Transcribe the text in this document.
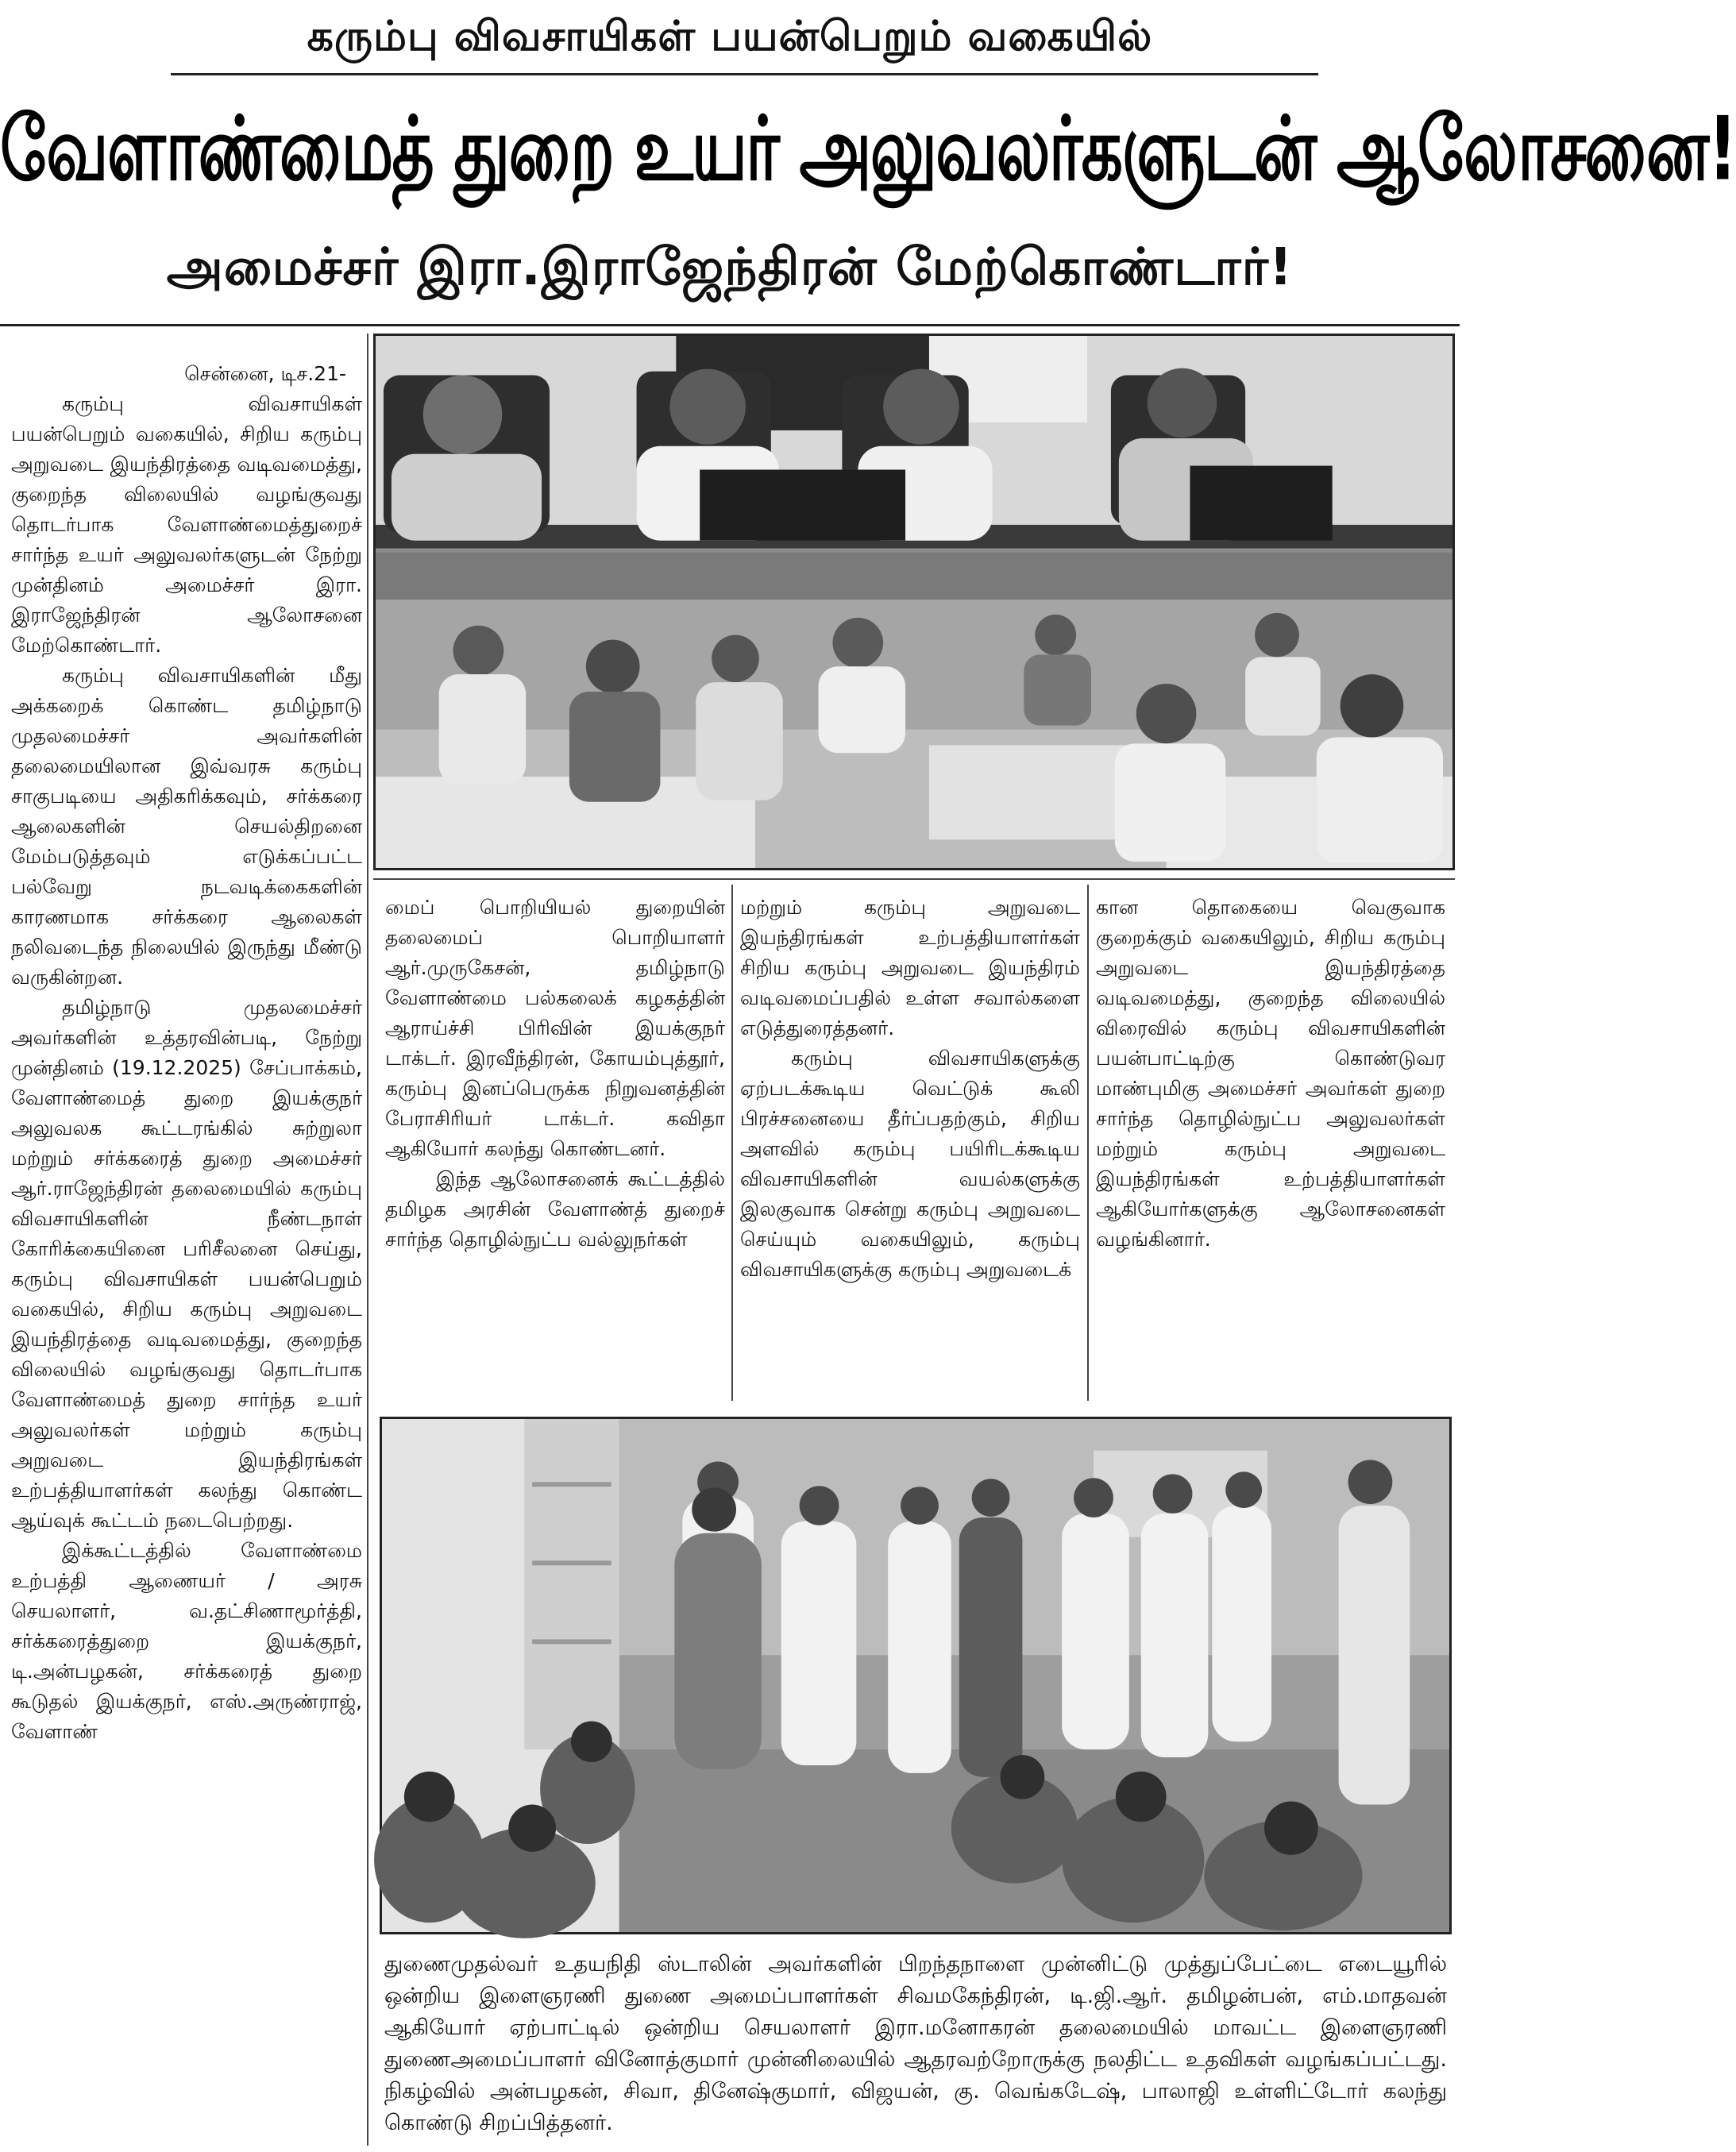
கரும்பு விவசாயிகள் பயன்பெறும் வகையில்
வேளாண்மைத் துறை உயர் அலுவலர்களுடன் ஆலோசனை!
அமைச்சர் இரா.இராஜேந்திரன் மேற்கொண்டார்!

சென்னை, டிச.21-

கரும்பு விவசாயிகள் பயன்பெறும் வகையில், சிறிய கரும்பு அறுவடை இயந்திரத்தை வடிவமைத்து, குறைந்த விலையில் வழங்குவது தொடர்பாக வேளாண்மைத்துறைச் சார்ந்த உயர் அலுவலர்களுடன் நேற்று முன்தினம் அமைச்சர் இரா. இராஜேந்திரன் ஆலோசனை மேற்கொண்டார்.

கரும்பு விவசாயிகளின் மீது அக்கறைக் கொண்ட தமிழ்நாடு முதலமைச்சர் அவர்களின் தலைமையிலான இவ்வரசு கரும்பு சாகுபடியை அதிகரிக்கவும், சர்க்கரை ஆலைகளின் செயல்திறனை மேம்படுத்தவும் எடுக்கப்பட்ட பல்வேறு நடவடிக்கைகளின் காரணமாக சர்க்கரை ஆலைகள் நலிவடைந்த நிலையில் இருந்து மீண்டு வருகின்றன.

தமிழ்நாடு முதலமைச்சர் அவர்களின் உத்தரவின்படி, நேற்று முன்தினம் (19.12.2025) சேப்பாக்கம், வேளாண்மைத் துறை இயக்குநர் அலுவலக கூட்டரங்கில் சுற்றுலா மற்றும் சர்க்கரைத் துறை அமைச்சர் ஆர்.ராஜேந்திரன் தலைமையில் கரும்பு விவசாயிகளின் நீண்டநாள் கோரிக்கையினை பரிசீலனை செய்து, கரும்பு விவசாயிகள் பயன்பெறும் வகையில், சிறிய கரும்பு அறுவடை இயந்திரத்தை வடிவமைத்து, குறைந்த விலையில் வழங்குவது தொடர்பாக வேளாண்மைத் துறை சார்ந்த உயர் அலுவலர்கள் மற்றும் கரும்பு அறுவடை இயந்திரங்கள் உற்பத்தியாளர்கள் கலந்து கொண்ட ஆய்வுக் கூட்டம் நடைபெற்றது.

இக்கூட்டத்தில் வேளாண்மை உற்பத்தி ஆணையர் / அரசு செயலாளர், வ.தட்சிணாமூர்த்தி, சர்க்கரைத்துறை இயக்குநர், டி.அன்பழகன், சர்க்கரைத் துறை கூடுதல் இயக்குநர், எஸ்.அருண்ராஜ், வேளாண்

மைப் பொறியியல் துறையின் தலைமைப் பொறியாளர் ஆர்.முருகேசன், தமிழ்நாடு வேளாண்மை பல்கலைக் கழகத்தின் ஆராய்ச்சி பிரிவின் இயக்குநர் டாக்டர். இரவீந்திரன், கோயம்புத்தூர், கரும்பு இனப்பெருக்க நிறுவனத்தின் பேராசிரியர் டாக்டர். கவிதா ஆகியோர் கலந்து கொண்டனர்.

இந்த ஆலோசனைக் கூட்டத்தில் தமிழக அரசின் வேளாண்த் துறைச் சார்ந்த தொழில்நுட்ப வல்லுநர்கள்

மற்றும் கரும்பு அறுவடை இயந்திரங்கள் உற்பத்தியாளர்கள் சிறிய கரும்பு அறுவடை இயந்திரம் வடிவமைப்பதில் உள்ள சவால்களை எடுத்துரைத்தனர்.

கரும்பு விவசாயிகளுக்கு ஏற்படக்கூடிய வெட்டுக் கூலி பிரச்சனையை தீர்ப்பதற்கும், சிறிய அளவில் கரும்பு பயிரிடக்கூடிய விவசாயிகளின் வயல்களுக்கு இலகுவாக சென்று கரும்பு அறுவடை செய்யும் வகையிலும், கரும்பு விவசாயிகளுக்கு கரும்பு அறுவடைக்

கான தொகையை வெகுவாக குறைக்கும் வகையிலும், சிறிய கரும்பு அறுவடை இயந்திரத்தை வடிவமைத்து, குறைந்த விலையில் விரைவில் கரும்பு விவசாயிகளின் பயன்பாட்டிற்கு கொண்டுவர மாண்புமிகு அமைச்சர் அவர்கள் துறை சார்ந்த தொழில்நுட்ப அலுவலர்கள் மற்றும் கரும்பு அறுவடை இயந்திரங்கள் உற்பத்தியாளர்கள் ஆகியோர்களுக்கு ஆலோசனைகள் வழங்கினார்.

துணைமுதல்வர் உதயநிதி ஸ்டாலின் அவர்களின் பிறந்தநாளை முன்னிட்டு முத்துப்பேட்டை எடையூரில் ஒன்றிய இளைஞரணி துணை அமைப்பாளர்கள் சிவமகேந்திரன், டி.ஜி.ஆர். தமிழன்பன், எம்.மாதவன் ஆகியோர் ஏற்பாட்டில் ஒன்றிய செயலாளர் இரா.மனோகரன் தலைமையில் மாவட்ட இளைஞரணி துணைஅமைப்பாளர் வினோத்குமார் முன்னிலையில் ஆதரவற்றோருக்கு நலதிட்ட உதவிகள் வழங்கப்பட்டது. நிகழ்வில் அன்பழகன், சிவா, தினேஷ்குமார், விஜயன், கு. வெங்கடேஷ், பாலாஜி உள்ளிட்டோர் கலந்து கொண்டு சிறப்பித்தனர்.
